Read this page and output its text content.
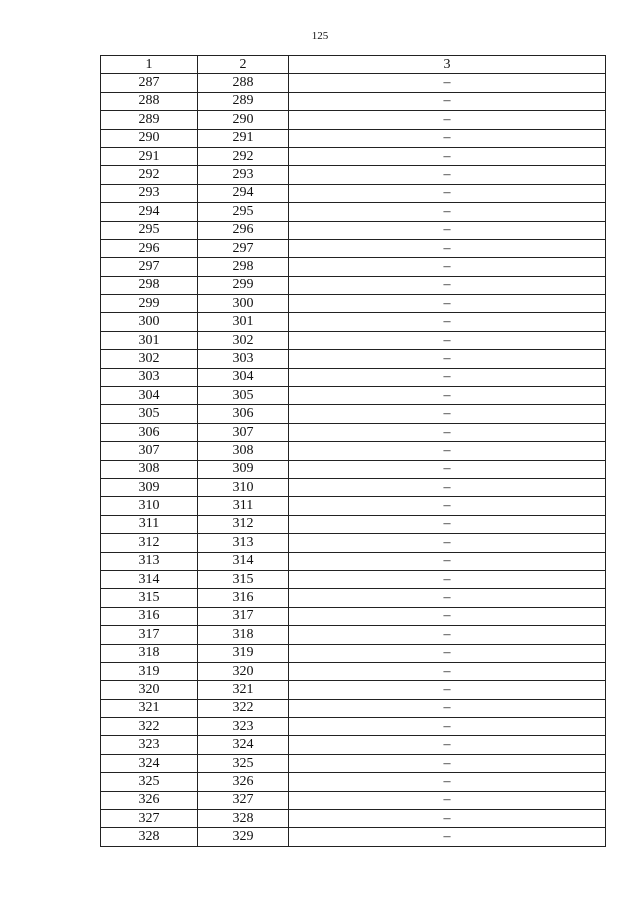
125
1	2	3
287	288	–
288	289	–
289	290	–
290	291	–
291	292	–
292	293	–
293	294	–
294	295	–
295	296	–
296	297	–
297	298	–
298	299	–
299	300	–
300	301	–
301	302	–
302	303	–
303	304	–
304	305	–
305	306	–
306	307	–
307	308	–
308	309	–
309	310	–
310	311	–
311	312	–
312	313	–
313	314	–
314	315	–
315	316	–
316	317	–
317	318	–
318	319	–
319	320	–
320	321	–
321	322	–
322	323	–
323	324	–
324	325	–
325	326	–
326	327	–
327	328	–
328	329	–
